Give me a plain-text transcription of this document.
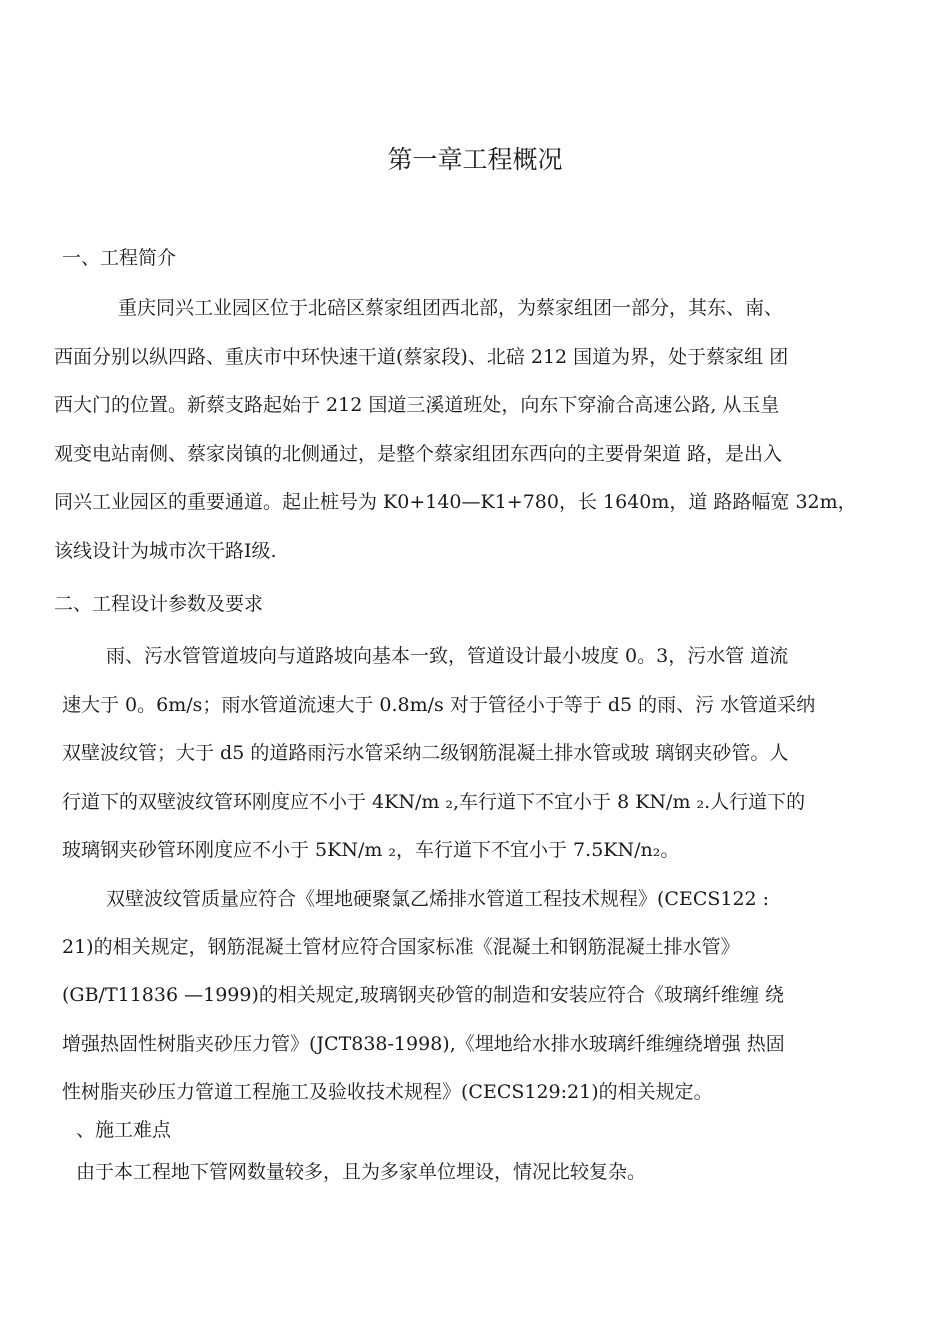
第一章工程概况
一、工程简介
重庆同兴工业园区位于北碚区蔡家组团西北部，为蔡家组团一部分，其东、南、
西面分别以纵四路、重庆市中环快速干道(蔡家段)、北碚 212 国道为界，处于蔡家组 团
西大门的位置。新蔡支路起始于 212 国道三溪道班处，向东下穿渝合高速公路, 从玉皇
观变电站南侧、蔡家岗镇的北侧通过，是整个蔡家组团东西向的主要骨架道 路，是出入
同兴工业园区的重要通道。起止桩号为 K0+140—K1+780，长 1640m，道 路路幅宽 32m，
该线设计为城市次干路Ⅰ级.
二、工程设计参数及要求
雨、污水管管道坡向与道路坡向基本一致，管道设计最小坡度 0。3，污水管 道流
速大于 0。6m/s；雨水管道流速大于 0.8m/s 对于管径小于等于 d5 的雨、污 水管道采纳
双壁波纹管；大于 d5 的道路雨污水管采纳二级钢筋混凝土排水管或玻 璃钢夹砂管。人
行道下的双壁波纹管环刚度应不小于 4KN/m ₂,车行道下不宜小于 8 KN/m ₂.人行道下的
玻璃钢夹砂管环刚度应不小于 5KN/m ₂，车行道下不宜小于 7.5KN/n₂。
双壁波纹管质量应符合《埋地硬聚氯乙烯排水管道工程技术规程》(CECS122 :
21)的相关规定，钢筋混凝土管材应符合国家标准《混凝土和钢筋混凝土排水管》
(GB/T11836 —1999)的相关规定,玻璃钢夹砂管的制造和安装应符合《玻璃纤维缠 绕
增强热固性树脂夹砂压力管》(JCT838-1998),《埋地给水排水玻璃纤维缠绕增强 热固
性树脂夹砂压力管道工程施工及验收技术规程》(CECS129:21)的相关规定。
、施工难点
由于本工程地下管网数量较多，且为多家单位埋设，情况比较复杂。
